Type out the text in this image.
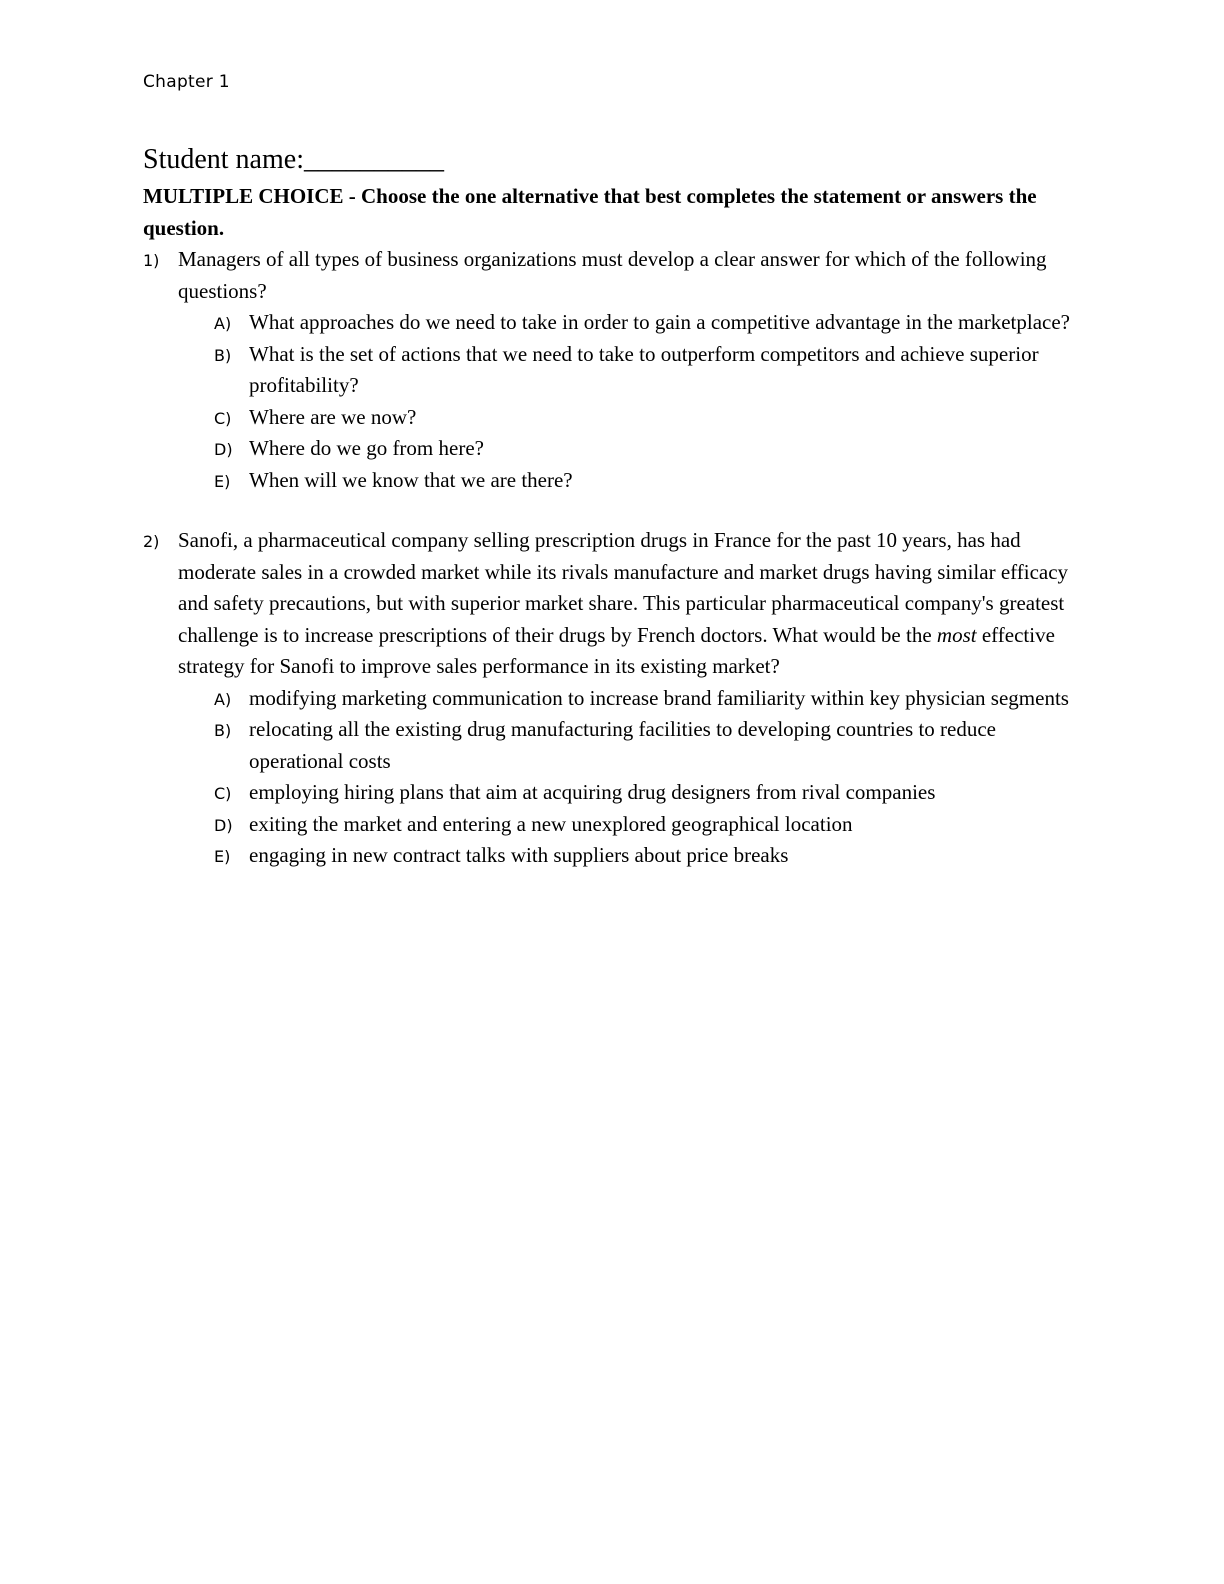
Chapter 1
Student name:__________
MULTIPLE CHOICE - Choose the one alternative that best completes the statement or answers the question.
1) Managers of all types of business organizations must develop a clear answer for which of the following questions?
A) What approaches do we need to take in order to gain a competitive advantage in the marketplace?
B) What is the set of actions that we need to take to outperform competitors and achieve superior profitability?
C) Where are we now?
D) Where do we go from here?
E) When will we know that we are there?
2) Sanofi, a pharmaceutical company selling prescription drugs in France for the past 10 years, has had moderate sales in a crowded market while its rivals manufacture and market drugs having similar efficacy and safety precautions, but with superior market share. This particular pharmaceutical company's greatest challenge is to increase prescriptions of their drugs by French doctors. What would be the most effective strategy for Sanofi to improve sales performance in its existing market?
A) modifying marketing communication to increase brand familiarity within key physician segments
B) relocating all the existing drug manufacturing facilities to developing countries to reduce operational costs
C) employing hiring plans that aim at acquiring drug designers from rival companies
D) exiting the market and entering a new unexplored geographical location
E) engaging in new contract talks with suppliers about price breaks
